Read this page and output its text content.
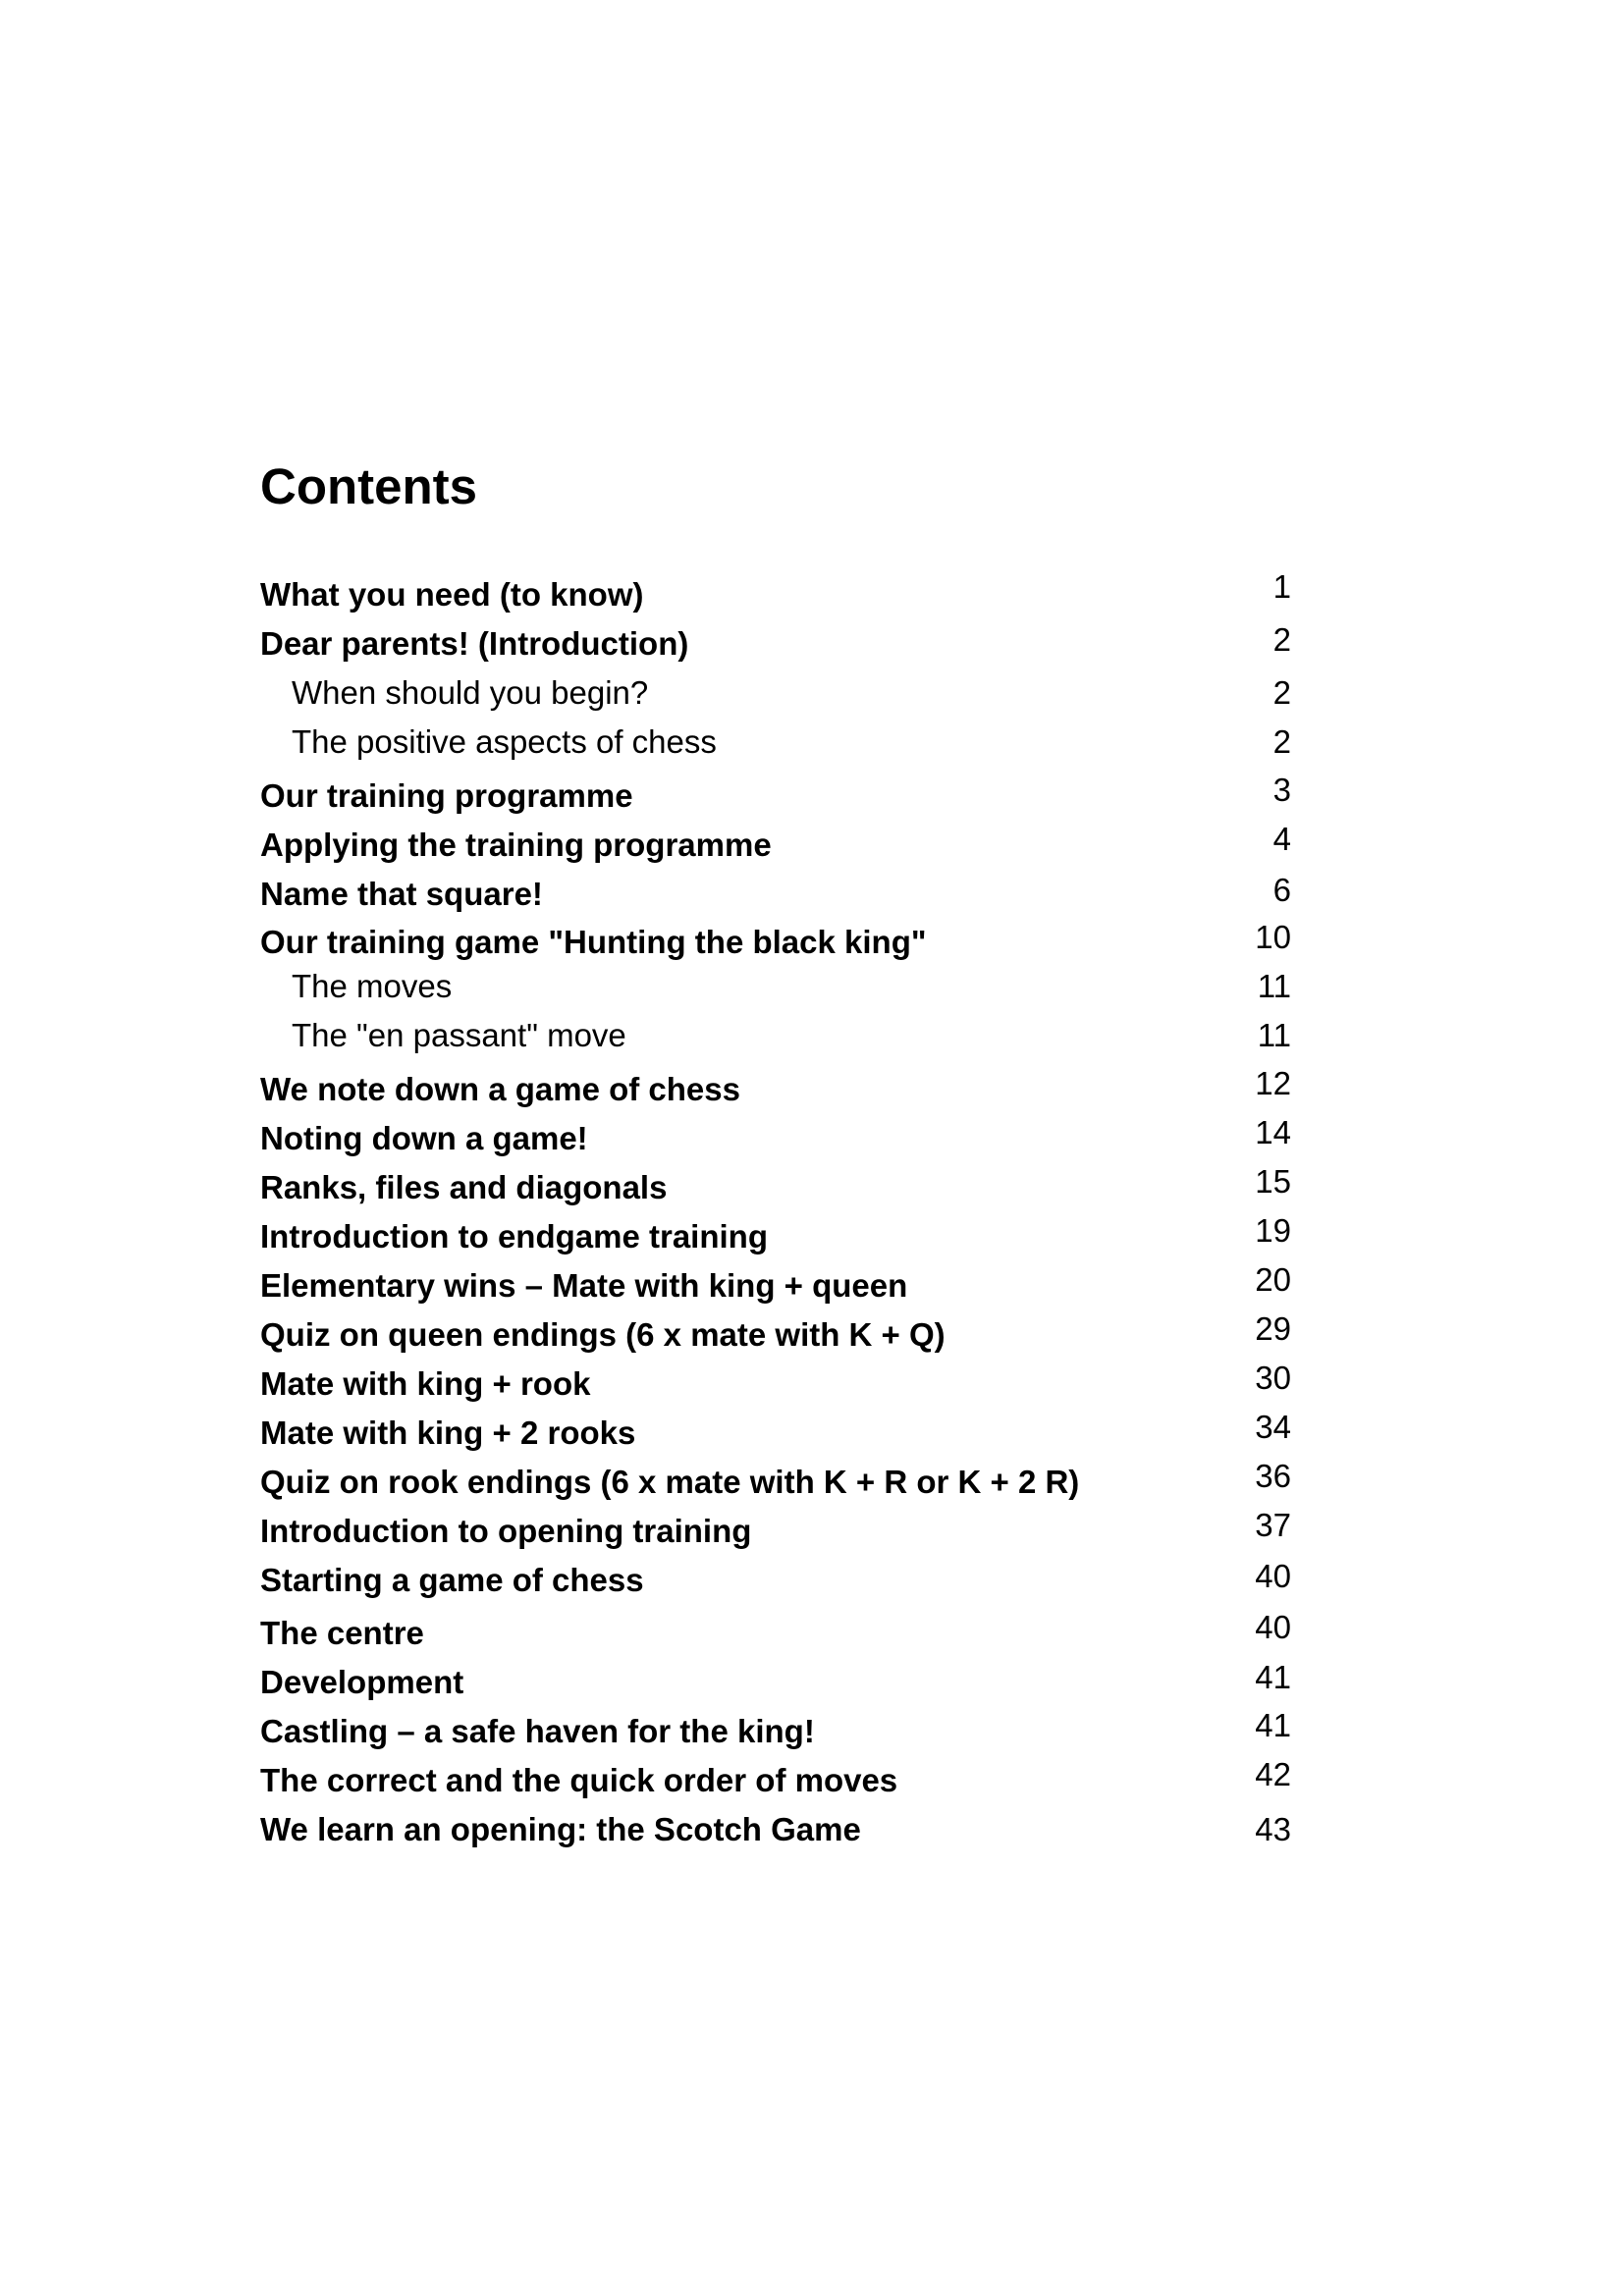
Contents
What you need (to know)	1
Dear parents! (Introduction)	2
When should you begin?	2
The positive aspects of chess	2
Our training programme	3
Applying the training programme	4
Name that square!	6
Our training game "Hunting the black king"	10
The moves	11
The "en passant" move	11
We note down a game of chess	12
Noting down a game!	14
Ranks, files and diagonals	15
Introduction to endgame training	19
Elementary wins – Mate with king + queen	20
Quiz on queen endings (6 x mate with K + Q)	29
Mate with king + rook	30
Mate with king + 2 rooks	34
Quiz on rook endings (6 x mate with K + R or K + 2 R)	36
Introduction to opening training	37
Starting a game of chess	40
The centre	40
Development	41
Castling – a safe haven for the king!	41
The correct and the quick order of moves	42
We learn an opening: the Scotch Game	43
